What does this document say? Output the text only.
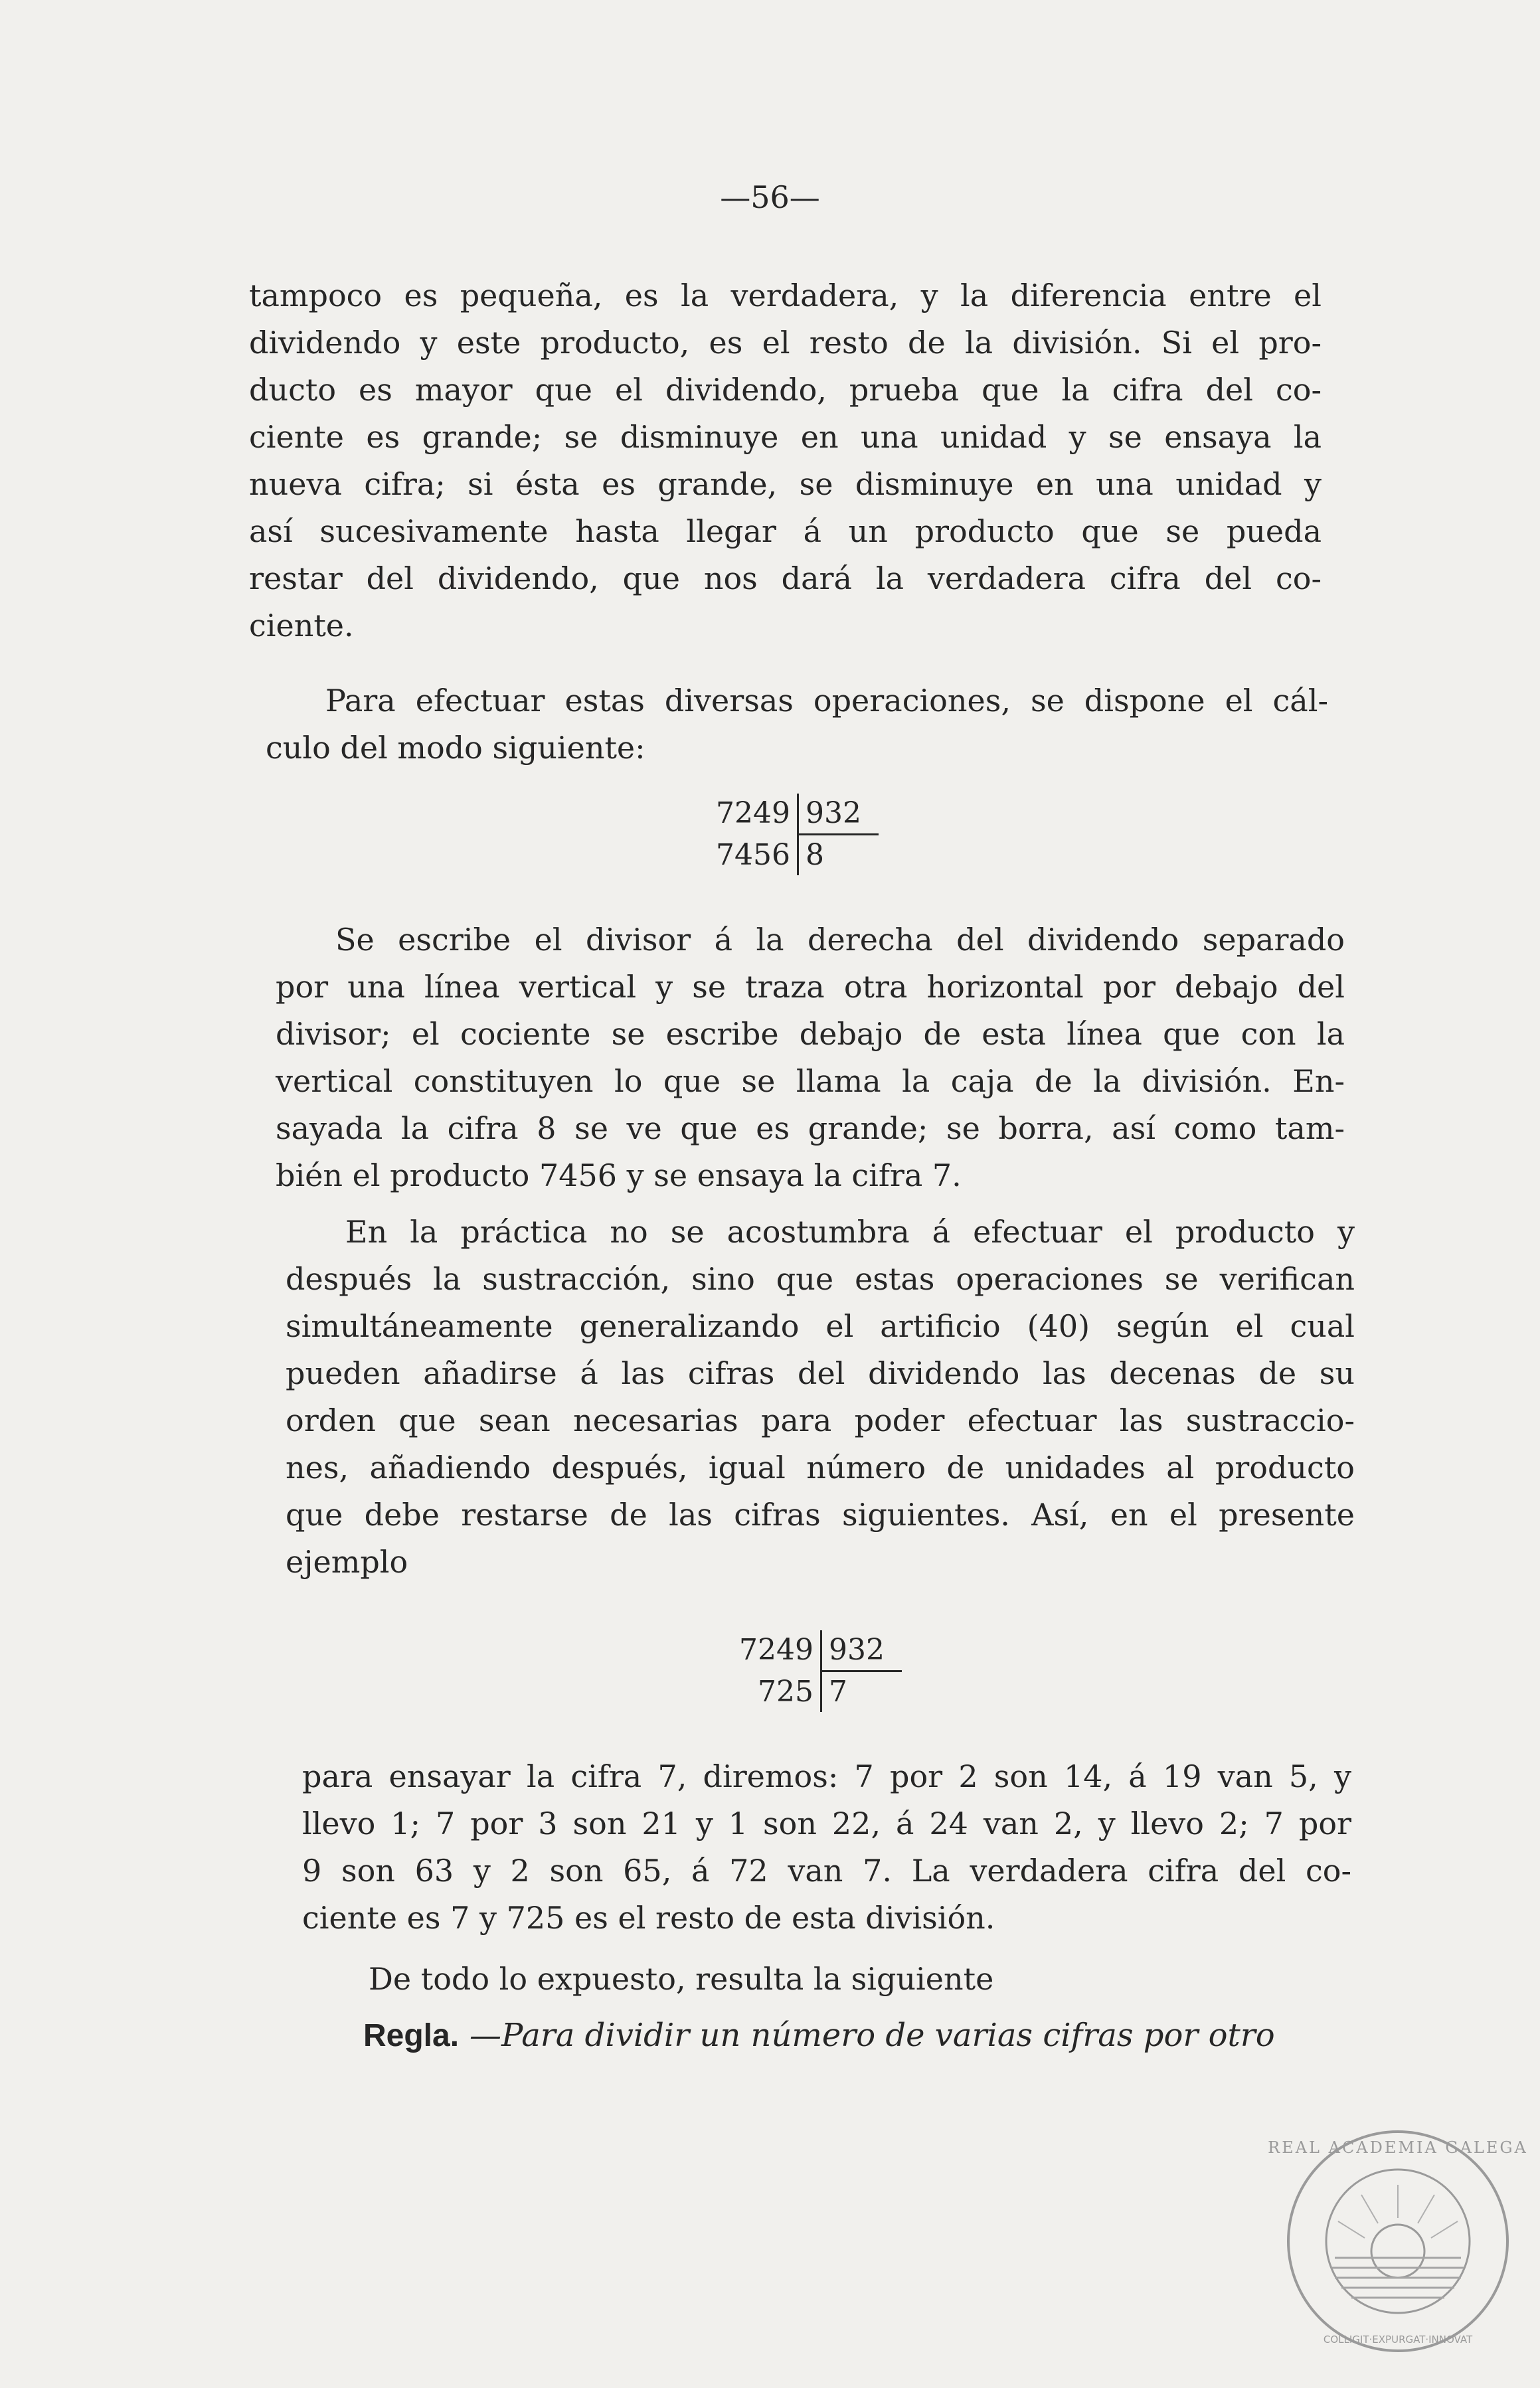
—56—

tampoco es pequeña, es la verdadera, y la diferencia entre el
dividendo y este producto, es el resto de la división. Si el pro-
ducto es mayor que el dividendo, prueba que la cifra del co-
ciente es grande; se disminuye en una unidad y se ensaya la
nueva cifra; si ésta es grande, se disminuye en una unidad y
así sucesivamente hasta llegar á un producto que se pueda
restar del dividendo, que nos dará la verdadera cifra del co-
ciente.

Para efectuar estas diversas operaciones, se dispone el cál-
culo del modo siguiente:

7249 932
7456 8

Se escribe el divisor á la derecha del dividendo separado
por una línea vertical y se traza otra horizontal por debajo del
divisor; el cociente se escribe debajo de esta línea que con la
vertical constituyen lo que se llama la caja de la división. En-
sayada la cifra 8 se ve que es grande; se borra, así como tam-
bién el producto 7456 y se ensaya la cifra 7.

En la práctica no se acostumbra á efectuar el producto y
después la sustracción, sino que estas operaciones se verifican
simultáneamente generalizando el artificio (40) según el cual
pueden añadirse á las cifras del dividendo las decenas de su
orden que sean necesarias para poder efectuar las sustraccio-
nes, añadiendo después, igual número de unidades al producto
que debe restarse de las cifras siguientes. Así, en el presente
ejemplo

7249 932
725 7

para ensayar la cifra 7, diremos: 7 por 2 son 14, á 19 van 5, y
llevo 1; 7 por 3 son 21 y 1 son 22, á 24 van 2, y llevo 2; 7 por
9 son 63 y 2 son 65, á 72 van 7. La verdadera cifra del co-
ciente es 7 y 725 es el resto de esta división.

De todo lo expuesto, resulta la siguiente

Regla. —Para dividir un número de varias cifras por otro
REAL ACADEMIA GALEGA
COLLIGIT·EXPURGAT·INNOVAT
